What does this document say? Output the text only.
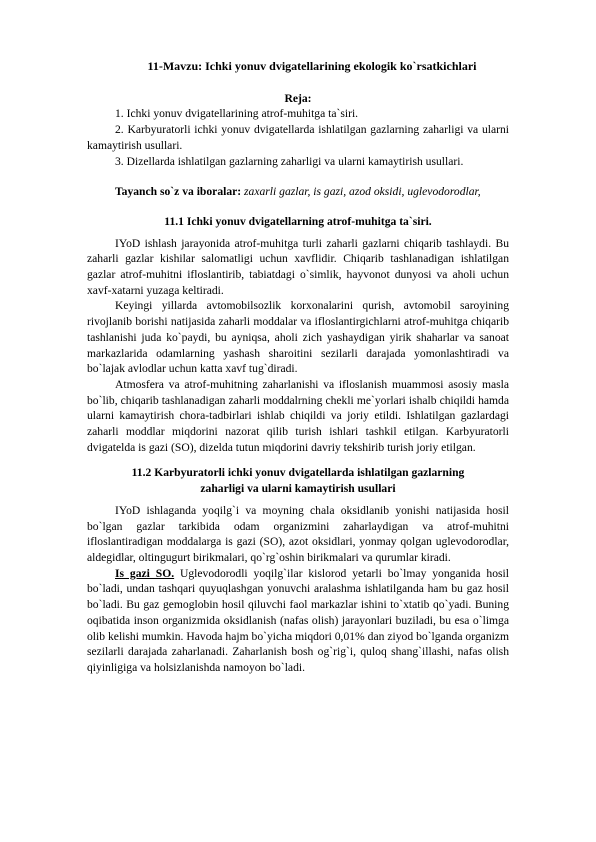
11-Mavzu: Ichki yonuv dvigatellarining ekologik ko`rsatkichlari

Reja:

1. Ichki yonuv dvigatellarining atrof-muhitga ta`siri.

2. Karbyuratorli ichki yonuv dvigatellarda ishlatilgan gazlarning zaharligi va ularni kamaytirish usullari.

3. Dizellarda ishlatilgan gazlarning zaharligi va ularni kamaytirish usullari.

Tayanch so`z va iboralar: zaxarli gazlar, is gazi, azod oksidi, uglevodorodlar,

11.1 Ichki yonuv dvigatellarning atrof-muhitga ta`siri.

IYoD ishlash jarayonida atrof-muhitga turli zaharli gazlarni chiqarib tashlaydi. Bu zaharli gazlar kishilar salomatligi uchun xavflidir. Chiqarib tashlanadigan ishlatilgan gazlar atrof-muhitni ifloslantirib, tabiatdagi o`simlik, hayvonot dunyosi va aholi uchun xavf-xatarni yuzaga keltiradi.

Keyingi yillarda avtomobilsozlik korxonalarini qurish, avtomobil saroyining rivojlanib borishi natijasida zaharli moddalar va ifloslantirgichlarni atrof-muhitga chiqarib tashlanishi juda ko`paydi, bu ayniqsa, aholi zich yashaydigan yirik shaharlar va sanoat markazlarida odamlarning yashash sharoitini sezilarli darajada yomonlashtiradi va bo`lajak avlodlar uchun katta xavf tug`diradi.

Atmosfera va atrof-muhitning zaharlanishi va ifloslanish muammosi asosiy masla bo`lib, chiqarib tashlanadigan zaharli moddalrning chekli me`yorlari ishalb chiqildi hamda ularni kamaytirish chora-tadbirlari ishlab chiqildi va joriy etildi. Ishlatilgan gazlardagi zaharli moddlar miqdorini nazorat qilib turish ishlari tashkil etilgan. Karbyuratorli dvigatelda is gazi (SO), dizelda tutun miqdorini davriy tekshirib turish joriy etilgan.

11.2 Karbyuratorli ichki yonuv dvigatellarda ishlatilgan gazlarning
zaharligi va ularni kamaytirish usullari

IYoD ishlaganda yoqilg`i va moyning chala oksidlanib yonishi natijasida hosil bo`lgan gazlar tarkibida odam organizmini zaharlaydigan va atrof-muhitni ifloslantiradigan moddalarga is gazi (SO), azot oksidlari, yonmay qolgan uglevodorodlar, aldegidlar, oltingugurt birikmalari, qo`rg`oshin birikmalari va qurumlar kiradi.

Is gazi SO. Uglevodorodli yoqilg`ilar kislorod yetarli bo`lmay yonganida hosil bo`ladi, undan tashqari quyuqlashgan yonuvchi aralashma ishlatilganda ham bu gaz hosil bo`ladi. Bu gaz gemoglobin hosil qiluvchi faol markazlar ishini to`xtatib qo`yadi. Buning oqibatida inson organizmida oksidlanish (nafas olish) jarayonlari buziladi, bu esa o`limga olib kelishi mumkin. Havoda hajm bo`yicha miqdori 0,01% dan ziyod bo`lganda organizm sezilarli darajada zaharlanadi. Zaharlanish bosh og`rig`i, quloq shang`illashi, nafas olish qiyinligiga va holsizlanishda namoyon bo`ladi.
